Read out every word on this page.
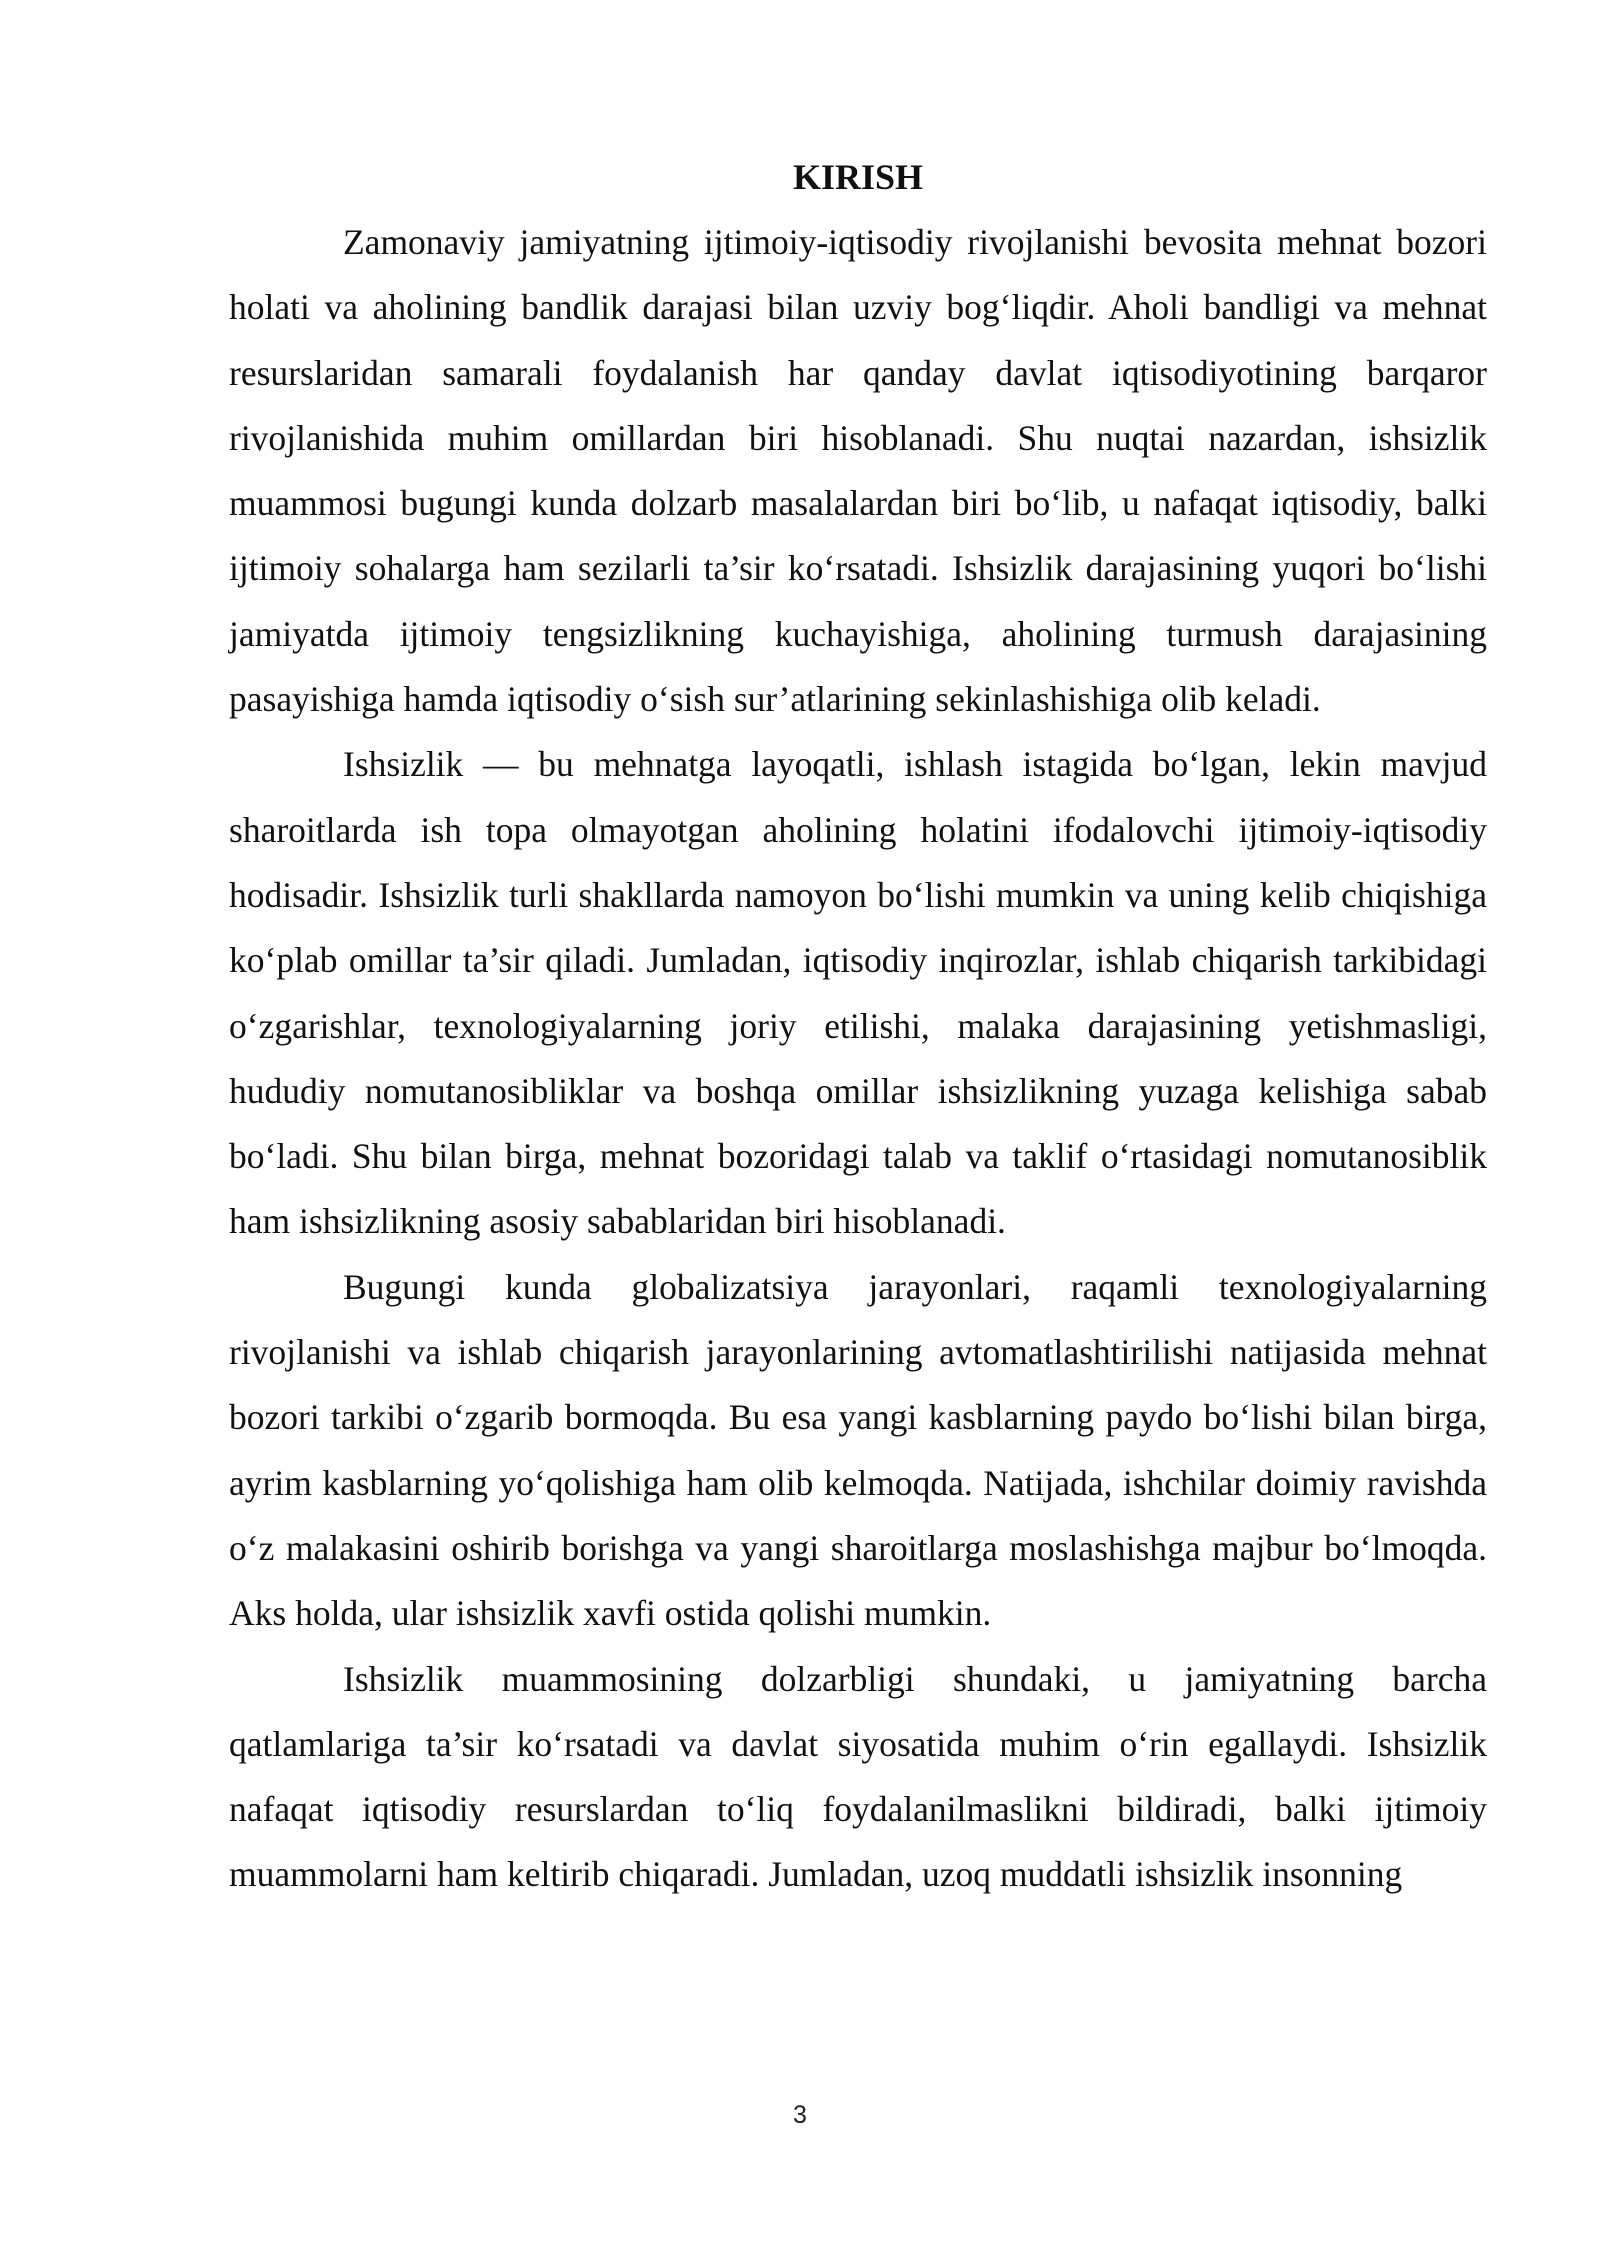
KIRISH

Zamonaviy jamiyatning ijtimoiy-iqtisodiy rivojlanishi bevosita mehnat bozori holati va aholining bandlik darajasi bilan uzviy bog‘liqdir. Aholi bandligi va mehnat resurslaridan samarali foydalanish har qanday davlat iqtisodiyotining barqaror rivojlanishida muhim omillardan biri hisoblanadi. Shu nuqtai nazardan, ishsizlik muammosi bugungi kunda dolzarb masalalardan biri bo‘lib, u nafaqat iqtisodiy, balki ijtimoiy sohalarga ham sezilarli ta’sir ko‘rsatadi. Ishsizlik darajasining yuqori bo‘lishi jamiyatda ijtimoiy tengsizlikning kuchayishiga, aholining turmush darajasining pasayishiga hamda iqtisodiy o‘sish sur’atlarining sekinlashishiga olib keladi.

Ishsizlik — bu mehnatga layoqatli, ishlash istagida bo‘lgan, lekin mavjud sharoitlarda ish topa olmayotgan aholining holatini ifodalovchi ijtimoiy-iqtisodiy hodisadir. Ishsizlik turli shakllarda namoyon bo‘lishi mumkin va uning kelib chiqishiga ko‘plab omillar ta’sir qiladi. Jumladan, iqtisodiy inqirozlar, ishlab chiqarish tarkibidagi o‘zgarishlar, texnologiyalarning joriy etilishi, malaka darajasining yetishmasligi, hududiy nomutanosibliklar va boshqa omillar ishsizlikning yuzaga kelishiga sabab bo‘ladi. Shu bilan birga, mehnat bozoridagi talab va taklif o‘rtasidagi nomutanosiblik ham ishsizlikning asosiy sabablaridan biri hisoblanadi.

Bugungi kunda globalizatsiya jarayonlari, raqamli texnologiyalarning rivojlanishi va ishlab chiqarish jarayonlarining avtomatlashtirilishi natijasida mehnat bozori tarkibi o‘zgarib bormoqda. Bu esa yangi kasblarning paydo bo‘lishi bilan birga, ayrim kasblarning yo‘qolishiga ham olib kelmoqda. Natijada, ishchilar doimiy ravishda o‘z malakasini oshirib borishga va yangi sharoitlarga moslashishga majbur bo‘lmoqda. Aks holda, ular ishsizlik xavfi ostida qolishi mumkin.

Ishsizlik muammosining dolzarbligi shundaki, u jamiyatning barcha qatlamlariga ta’sir ko‘rsatadi va davlat siyosatida muhim o‘rin egallaydi. Ishsizlik nafaqat iqtisodiy resurslardan to‘liq foydalanilmaslikni bildiradi, balki ijtimoiy muammolarni ham keltirib chiqaradi. Jumladan, uzoq muddatli ishsizlik insonning

3
